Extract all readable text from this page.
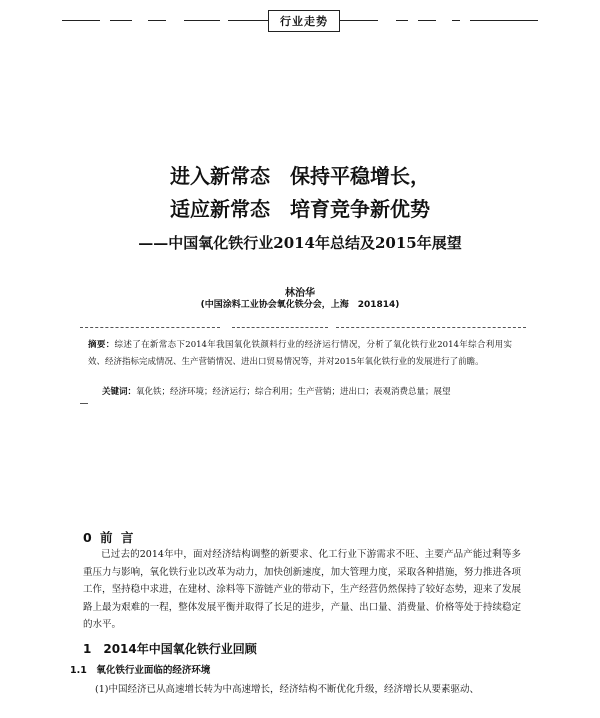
行业走势
进入新常态　保持平稳增长，
适应新常态　培育竞争新优势
——中国氧化铁行业2014年总结及2015年展望
林治华
(中国涂料工业协会氧化铁分会，上海　201814)
摘要：综述了在新常态下2014年我国氧化铁颜料行业的经济运行情况，分析了氧化铁行业2014年综合利用实效、经济指标完成情况、生产营销情况、进出口贸易情况等，并对2015年氧化铁行业的发展进行了前瞻。
关键词：氧化铁；经济环境；经济运行；综合利用；生产营销；进出口；表观消费总量；展望
0 前 言
已过去的2014年中，面对经济结构调整的新要求、化工行业下游需求不旺、主要产品产能过剩等多重压力与影响，氧化铁行业以改革为动力，加快创新速度，加大管理力度，采取各种措施，努力推进各项工作，坚持稳中求进，在建材、涂料等下游链产业的带动下，生产经营仍然保持了较好态势，迎来了发展路上最为艰难的一程，整体发展平衡并取得了长足的进步，产量、出口量、消费量、价格等处于持续稳定的水平。
1　2014年中国氧化铁行业回顾
1.1　氧化铁行业面临的经济环境
(1)中国经济已从高速增长转为中高速增长，经济结构不断优化升级，经济增长从要素驱动、
